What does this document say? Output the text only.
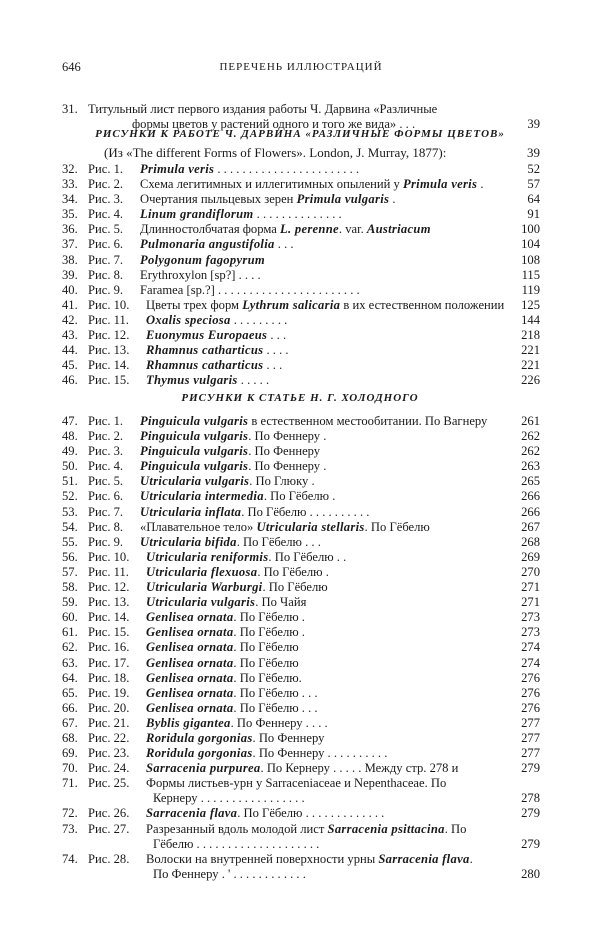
646	ПЕРЕЧЕНЬ ИЛЛЮСТРАЦИЙ
31. Титульный лист первого издания работы Ч. Дарвина «Различные
формы цветов у растений одного и того же вида» . . .	39
РИСУНКИ К РАБОТЕ Ч. ДАРВИНА «РАЗЛИЧНЫЕ ФОРМЫ ЦВЕТОВ»
(Из «The different Forms of Flowers». London, J. Murray, 1877):	39
32. Рис. 1. Primula veris . . . . . . . . . . . . . . . . . . . . . . .	52
33. Рис. 2. Схема легитимных и иллегитимных опылений у Primula veris .	57
34. Рис. 3. Очертания пыльцевых зерен Primula vulgaris .	64
35. Рис. 4. Linum grandiflorum . . . . . . . . . . . . . .	91
36. Рис. 5. Длинностолбчатая форма L. perenne. var. Austriacum	100
37. Рис. 6. Pulmonaria angustifolia . . .	104
38. Рис. 7. Polygonum fagopyrum	108
39. Рис. 8. Erythroxylon [sp?] . . . .	115
40. Рис. 9. Faramea [sp.?] . . . . . . . . . . . . . . . . . . . . . . .	119
41. Рис. 10. Цветы трех форм Lythrum salicaria в их естественном положении 125
42. Рис. 11. Oxalis speciosa . . . . . . . . .	144
43. Рис. 12. Euonymus Europaeus . . .	218
44. Рис. 13. Rhamnus catharticus . . . .	221
45. Рис. 14. Rhamnus catharticus . . .	221
46. Рис. 15. Thymus vulgaris . . . . .	226
РИСУНКИ К СТАТЬЕ Н. Г. ХОЛОДНОГО
47. Рис. 1. Pinguicula vulgaris в естественном местообитании. По Вагнеру	261
48. Рис. 2. Pinguicula vulgaris. По Феннеру .	262
49. Рис. 3. Pinguicula vulgaris. По Феннеру	262
50. Рис. 4. Pinguicula vulgaris. По Феннеру .	263
51. Рис. 5. Utricularia vulgaris. По Глюку .	265
52. Рис. 6. Utricularia intermedia. По Гёбелю .	266
53. Рис. 7. Utricularia inflata. По Гёбелю . . . . . . . . . .	266
54. Рис. 8. «Плавательное тело» Utricularia stellaris. По Гёбелю	267
55. Рис. 9. Utricularia bifida. По Гёбелю . . .	268
56. Рис. 10. Utricularia reniformis. По Гёбелю . .	269
57. Рис. 11. Utricularia flexuosa. По Гёбелю .	270
58. Рис. 12. Utricularia Warburgi. По Гёбелю	271
59. Рис. 13. Utricularia vulgaris. По Чайя	271
60. Рис. 14. Genlisea ornata. По Гёбелю .	273
61. Рис. 15. Genlisea ornata. По Гёбелю .	273
62. Рис. 16. Genlisea ornata. По Гёбелю	274
63. Рис. 17. Genlisea ornata. По Гёбелю	274
64. Рис. 18. Genlisea ornata. По Гёбелю.	276
65. Рис. 19. Genlisea ornata. По Гёбелю . . .	276
66. Рис. 20. Genlisea ornata. По Гёбелю . . .	276
67. Рис. 21. Byblis gigantea. По Феннеру . . . .	277
68. Рис. 22. Roridula gorgonias. По Феннеру	277
69. Рис. 23. Roridula gorgonias. По Феннеру . . . . . . . . . .	277
70. Рис. 24. Sarracenia purpurea. По Кернеру . . . . . Между стр. 278 и	279
71. Рис. 25. Формы листьев-урн у Sarraceniaceae и Nepenthaceae. По
Кернеру . . . . . . . . . . . . . . . . .	278
72. Рис. 26. Sarracenia flava. По Гёбелю . . . . . . . . . . . . .	279
73. Рис. 27. Разрезанный вдоль молодой лист Sarracenia psittacina. По
Гёбелю . . . . . . . . . . . . . . . . . . . .	279
74. Рис. 28. Волоски на внутренней поверхности урны Sarracenia flava.
По Феннеру . ' . . . . . . . . . . . .	280
